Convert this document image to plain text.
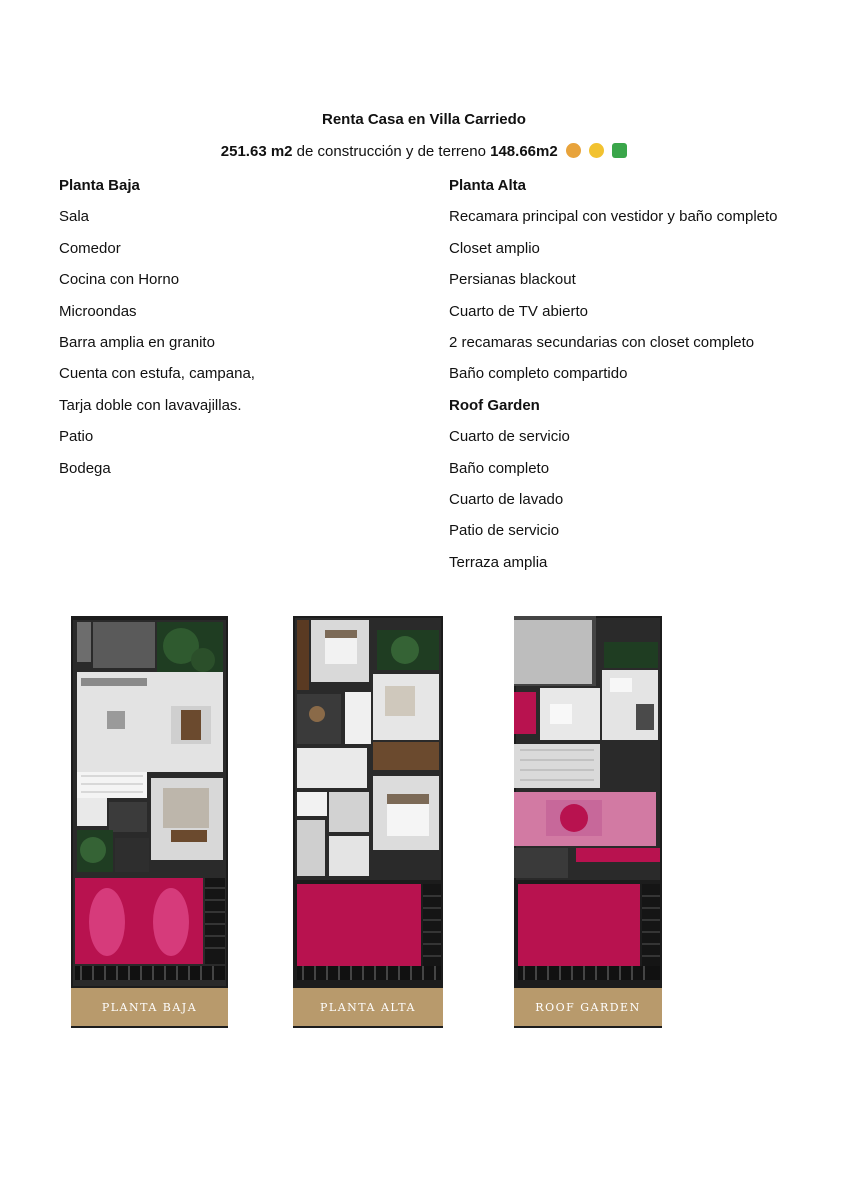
Renta Casa en Villa Carriedo
251.63 m2 de construcción y de terreno 148.66m2
Planta Baja
Sala
Comedor
Cocina con Horno
Microondas
Barra amplia en granito
Cuenta con estufa, campana,
Tarja doble con lavavajillas.
Patio
Bodega
Planta Alta
Recamara principal con vestidor y baño completo
Closet amplio
Persianas blackout
Cuarto de TV abierto
2 recamaras secundarias con closet completo
Baño completo compartido
Roof Garden
Cuarto de servicio
Baño completo
Cuarto de lavado
Patio de servicio
Terraza amplia
PLANTA BAJA	PLANTA ALTA	ROOF GARDEN
